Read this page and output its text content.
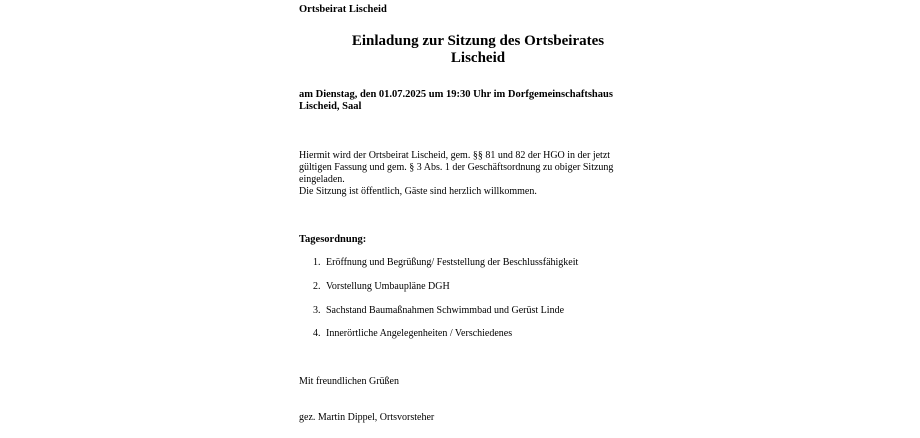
Ortsbeirat Lischeid
Einladung zur Sitzung des Ortsbeirates
Lischeid
am Dienstag, den 01.07.2025 um 19:30 Uhr im Dorfgemeinschaftshaus
Lischeid, Saal
Hiermit wird der Ortsbeirat Lischeid, gem. §§ 81 und 82 der HGO in der jetzt
gültigen Fassung und gem. § 3 Abs. 1 der Geschäftsordnung zu obiger Sitzung
eingeladen.
Die Sitzung ist öffentlich, Gäste sind herzlich willkommen.
Tagesordnung:
1. Eröffnung und Begrüßung/ Feststellung der Beschlussfähigkeit
2. Vorstellung Umbaupläne DGH
3. Sachstand Baumaßnahmen Schwimmbad und Gerüst Linde
4. Innerörtliche Angelegenheiten / Verschiedenes
Mit freundlichen Grüßen
gez. Martin Dippel, Ortsvorsteher
